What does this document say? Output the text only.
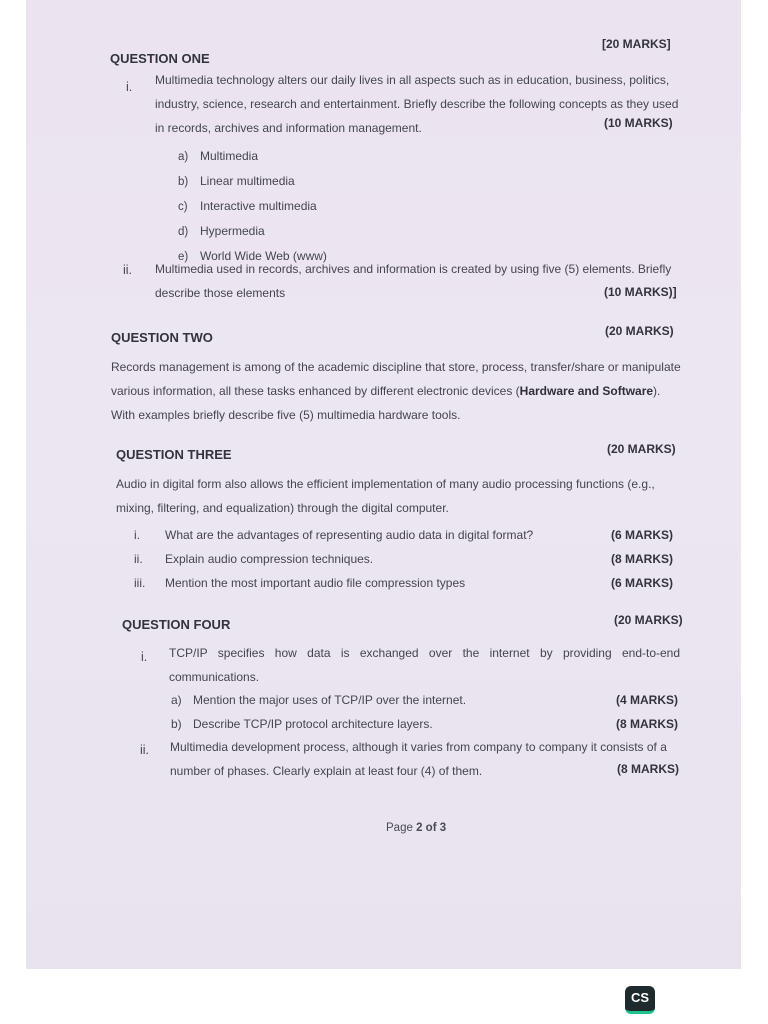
QUESTION ONE
[20 MARKS]
i. Multimedia technology alters our daily lives in all aspects such as in education, business, politics,
industry, science, research and entertainment. Briefly describe the following concepts as they used
in records, archives and information management.	(10 MARKS)
a) Multimedia
b) Linear multimedia
c) Interactive multimedia
d) Hypermedia
e) World Wide Web (www)
ii. Multimedia used in records, archives and information is created by using five (5) elements. Briefly
describe those elements	(10 MARKS)]
QUESTION TWO	(20 MARKS)
Records management is among of the academic discipline that store, process, transfer/share or manipulate
various information, all these tasks enhanced by different electronic devices (Hardware and Software).
With examples briefly describe five (5) multimedia hardware tools.
QUESTION THREE	(20 MARKS)
Audio in digital form also allows the efficient implementation of many audio processing functions (e.g.,
mixing, filtering, and equalization) through the digital computer.
i. What are the advantages of representing audio data in digital format?	(6 MARKS)
ii. Explain audio compression techniques.	(8 MARKS)
iii. Mention the most important audio file compression types	(6 MARKS)
QUESTION FOUR	(20 MARKS)
i. TCP/IP specifies how data is exchanged over the internet by providing end-to-end
communications.
a) Mention the major uses of TCP/IP over the internet.	(4 MARKS)
b) Describe TCP/IP protocol architecture layers.	(8 MARKS)
ii. Multimedia development process, although it varies from company to company it consists of a
number of phases. Clearly explain at least four (4) of them.	(8 MARKS)
Page 2 of 3
CS
